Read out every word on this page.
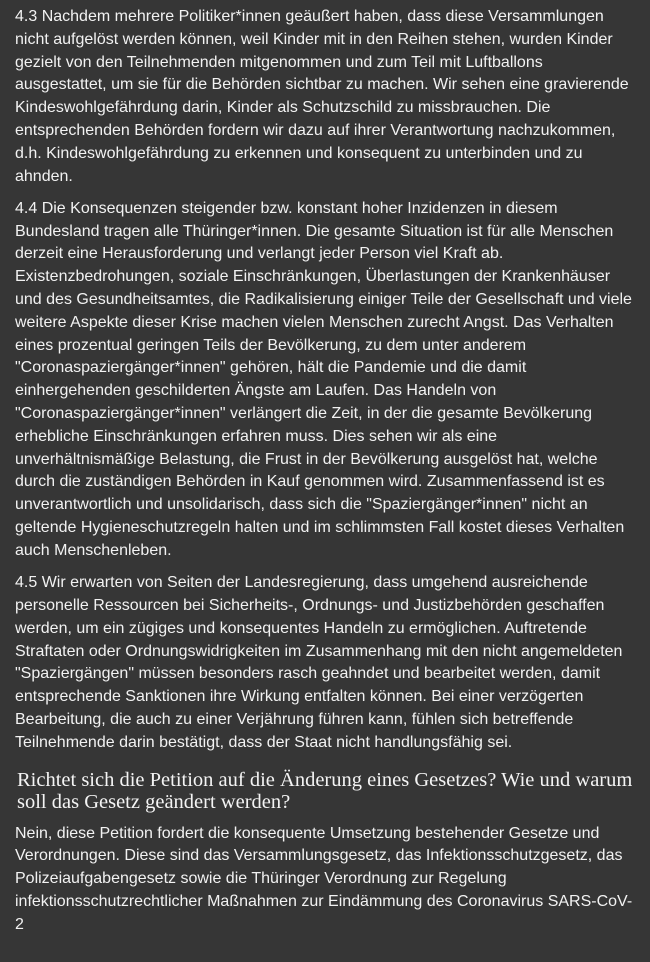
4.3 Nachdem mehrere Politiker*innen geäußert haben, dass diese Versammlungen nicht aufgelöst werden können, weil Kinder mit in den Reihen stehen, wurden Kinder gezielt von den Teilnehmenden mitgenommen und zum Teil mit Luftballons ausgestattet, um sie für die Behörden sichtbar zu machen. Wir sehen eine gravierende Kindeswohlgefährdung darin, Kinder als Schutzschild zu missbrauchen. Die entsprechenden Behörden fordern wir dazu auf ihrer Verantwortung nachzukommen, d.h. Kindeswohlgefährdung zu erkennen und konsequent zu unterbinden und zu ahnden.

4.4 Die Konsequenzen steigender bzw. konstant hoher Inzidenzen in diesem Bundesland tragen alle Thüringer*innen. Die gesamte Situation ist für alle Menschen derzeit eine Herausforderung und verlangt jeder Person viel Kraft ab. Existenzbedrohungen, soziale Einschränkungen, Überlastungen der Krankenhäuser und des Gesundheitsamtes, die Radikalisierung einiger Teile der Gesellschaft und viele weitere Aspekte dieser Krise machen vielen Menschen zurecht Angst. Das Verhalten eines prozentual geringen Teils der Bevölkerung, zu dem unter anderem "Coronaspaziergänger*innen" gehören, hält die Pandemie und die damit einhergehenden geschilderten Ängste am Laufen. Das Handeln von "Coronaspaziergänger*innen" verlängert die Zeit, in der die gesamte Bevölkerung erhebliche Einschränkungen erfahren muss. Dies sehen wir als eine unverhältnismäßige Belastung, die Frust in der Bevölkerung ausgelöst hat, welche durch die zuständigen Behörden in Kauf genommen wird. Zusammenfassend ist es unverantwortlich und unsolidarisch, dass sich die "Spaziergänger*innen" nicht an geltende Hygieneschutzregeln halten und im schlimmsten Fall kostet dieses Verhalten auch Menschenleben.

4.5 Wir erwarten von Seiten der Landesregierung, dass umgehend ausreichende personelle Ressourcen bei Sicherheits-, Ordnungs- und Justizbehörden geschaffen werden, um ein zügiges und konsequentes Handeln zu ermöglichen. Auftretende Straftaten oder Ordnungswidrigkeiten im Zusammenhang mit den nicht angemeldeten "Spaziergängen" müssen besonders rasch geahndet und bearbeitet werden, damit entsprechende Sanktionen ihre Wirkung entfalten können. Bei einer verzögerten Bearbeitung, die auch zu einer Verjährung führen kann, fühlen sich betreffende Teilnehmende darin bestätigt, dass der Staat nicht handlungsfähig sei.

Richtet sich die Petition auf die Änderung eines Gesetzes? Wie und warum soll das Gesetz geändert werden?

Nein, diese Petition fordert die konsequente Umsetzung bestehender Gesetze und Verordnungen. Diese sind das Versammlungsgesetz, das Infektionsschutzgesetz, das Polizeiaufgabengesetz sowie die Thüringer Verordnung zur Regelung infektionsschutzrechtlicher Maßnahmen zur Eindämmung des Coronavirus SARS-CoV-2
